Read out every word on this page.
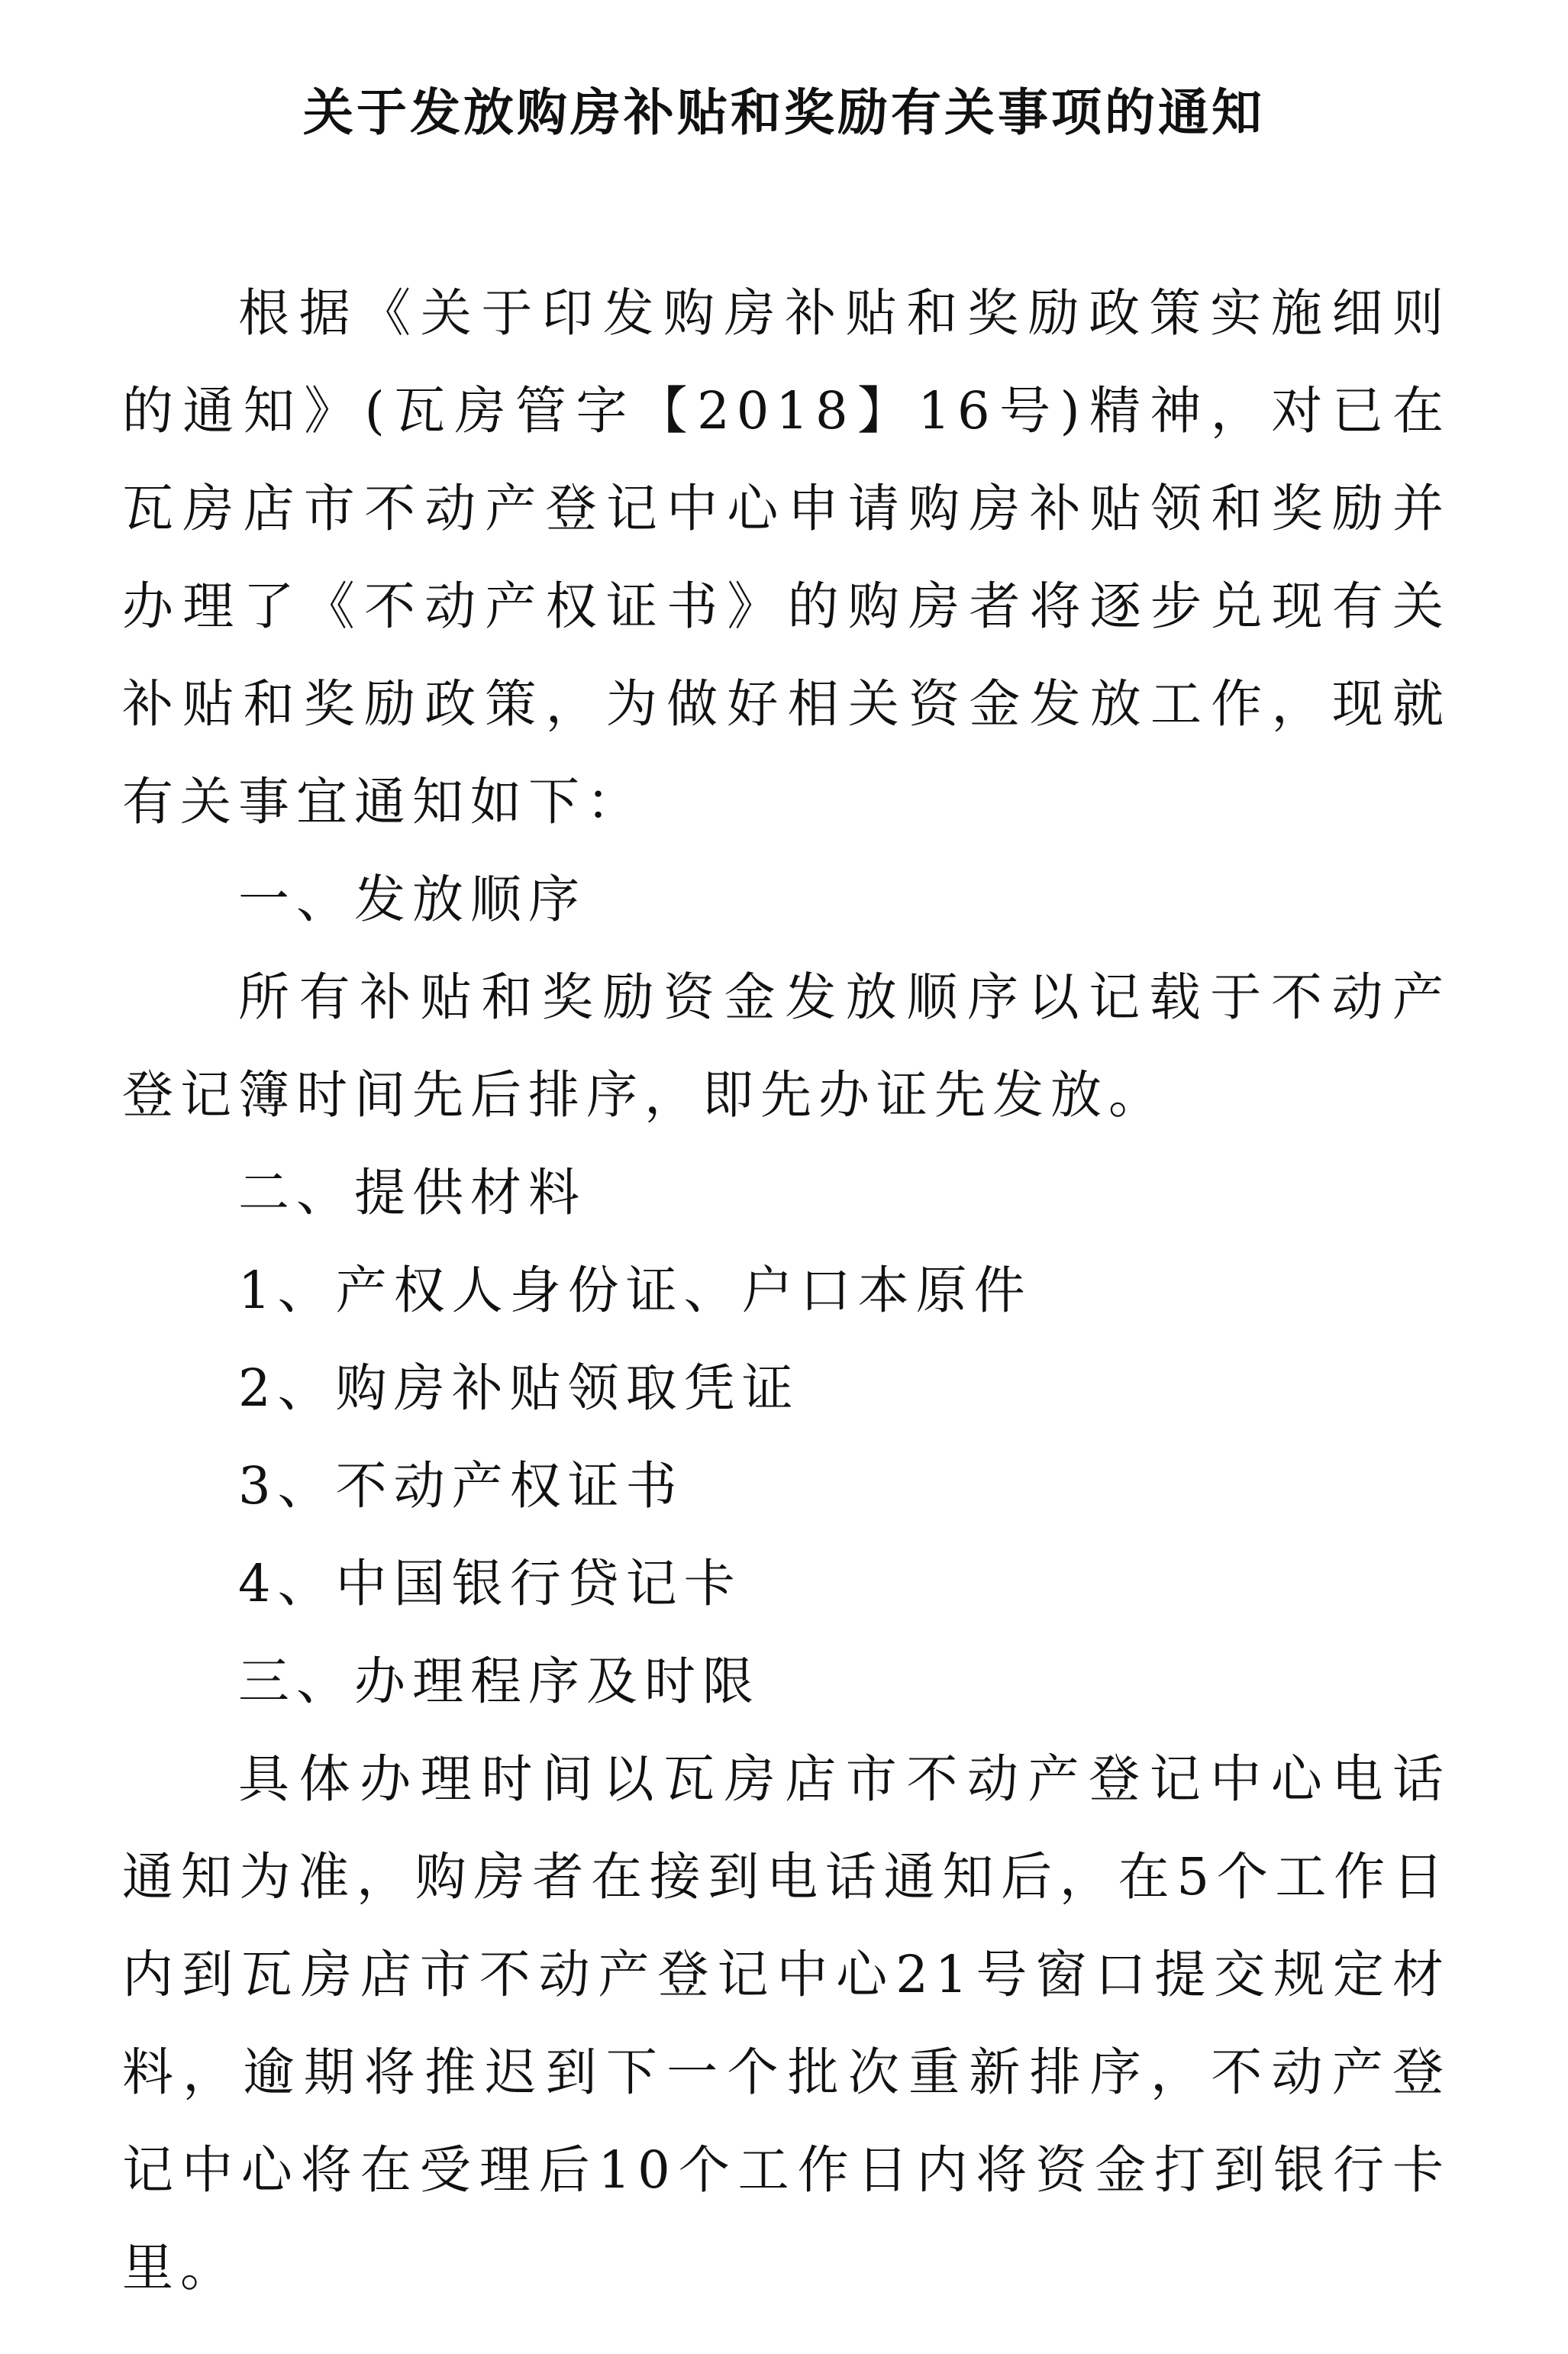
关于发放购房补贴和奖励有关事项的通知

根据《关于印发购房补贴和奖励政策实施细则的通知》(瓦房管字【2018】16号)精神，对已在瓦房店市不动产登记中心申请购房补贴领和奖励并办理了《不动产权证书》的购房者将逐步兑现有关补贴和奖励政策，为做好相关资金发放工作，现就有关事宜通知如下：

一、发放顺序

所有补贴和奖励资金发放顺序以记载于不动产登记簿时间先后排序，即先办证先发放。

二、提供材料

1、产权人身份证、户口本原件

2、购房补贴领取凭证

3、不动产权证书

4、中国银行贷记卡

三、办理程序及时限

具体办理时间以瓦房店市不动产登记中心电话通知为准，购房者在接到电话通知后，在5个工作日内到瓦房店市不动产登记中心21号窗口提交规定材料，逾期将推迟到下一个批次重新排序，不动产登记中心将在受理后10个工作日内将资金打到银行卡里。
